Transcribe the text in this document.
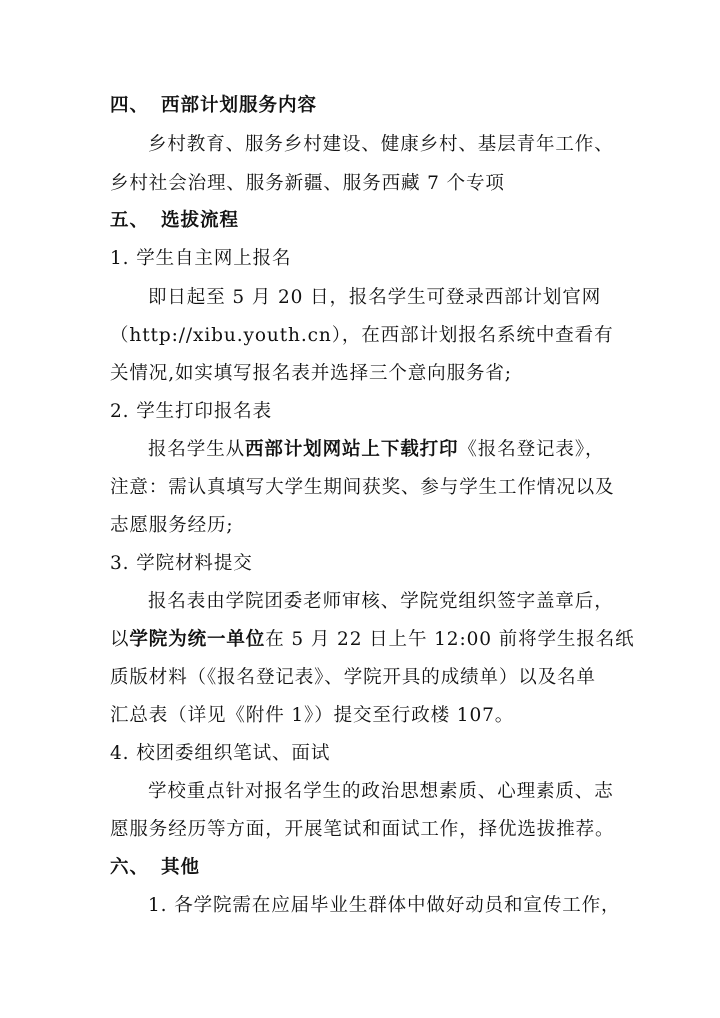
四、 西部计划服务内容
乡村教育、服务乡村建设、健康乡村、基层青年工作、
乡村社会治理、服务新疆、服务西藏 7 个专项
五、 选拔流程
1. 学生自主网上报名
即日起至 5 月 20 日，报名学生可登录西部计划官网
（http://xibu.youth.cn），在西部计划报名系统中查看有
关情况,如实填写报名表并选择三个意向服务省;
2. 学生打印报名表
报名学生从西部计划网站上下载打印《报名登记表》，
注意：需认真填写大学生期间获奖、参与学生工作情况以及
志愿服务经历;
3. 学院材料提交
报名表由学院团委老师审核、学院党组织签字盖章后，
以学院为统一单位在 5 月 22 日上午 12:00 前将学生报名纸
质版材料（《报名登记表》、学院开具的成绩单）以及名单
汇总表（详见《附件 1》）提交至行政楼 107。
4. 校团委组织笔试、面试
学校重点针对报名学生的政治思想素质、心理素质、志
愿服务经历等方面，开展笔试和面试工作，择优选拔推荐。
六、 其他
1. 各学院需在应届毕业生群体中做好动员和宣传工作，
